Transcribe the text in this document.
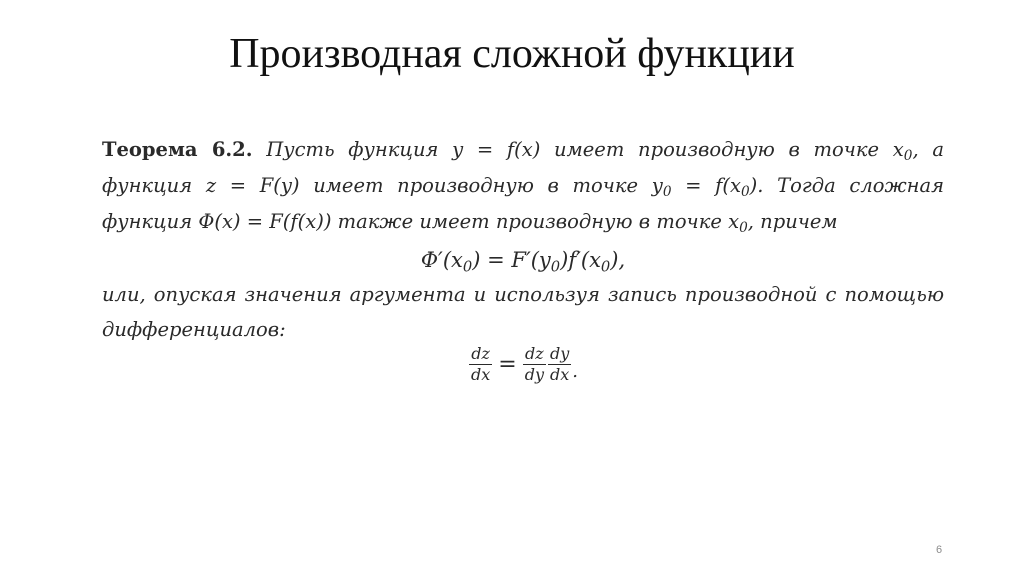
Производная сложной функции
Теорема 6.2. Пусть функция y = f(x) имеет производную в точке $x_0$, а
функция z = F(y) имеет производную в точке $y_0 = f(x_0)$. Тогда сложная
функция Φ(x) = F(f(x)) также имеет производную в точке $x_0$, причем
$\Phi'(x_0) = F'(y_0)f'(x_0)$,
или, опуская значения аргумента и используя запись производной с помощью
дифференциалов:
$\frac{dz}{dx} = \frac{dz}{dy} \frac{dy}{dx}$ .
6
